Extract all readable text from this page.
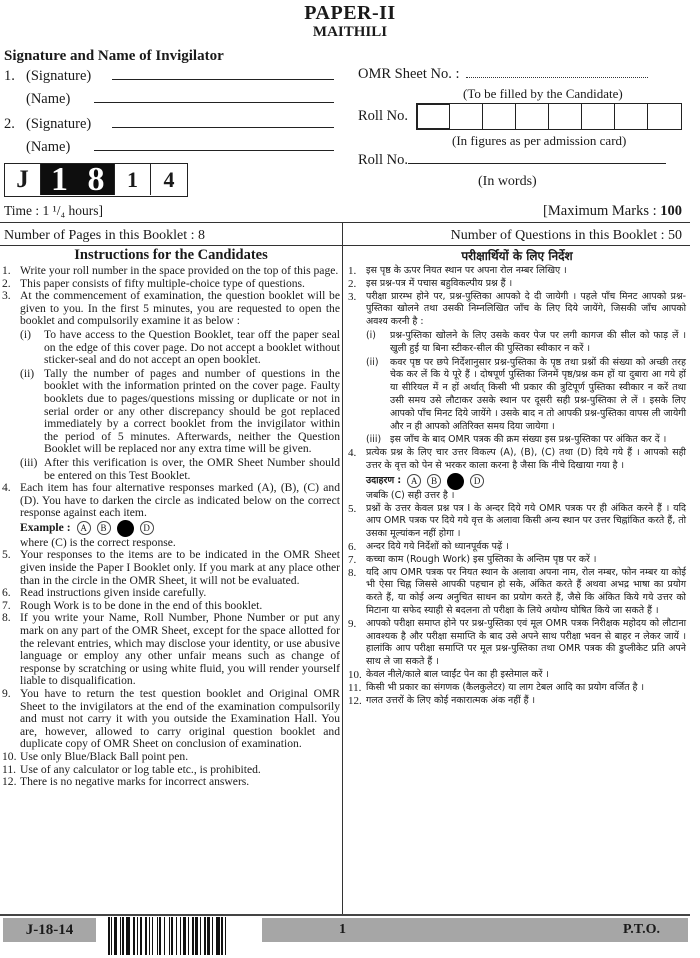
PAPER-II
MAITHILI
Signature and Name of Invigilator
1. (Signature)
(Name)
2. (Signature)
(Name)
J 1 8	1	4
OMR Sheet No. :
(To be filled by the Candidate)
Roll No.
(In figures as per admission card)
Roll No.
(In words)
Time : 1 ¹/₄ hours]	[Maximum Marks : 100
Number of Pages in this Booklet : 8	Number of Questions in this Booklet : 50
Instructions for the Candidates
1. Write your roll number in the space provided on the top of this page.
2. This paper consists of fifty multiple-choice type of questions.
3. At the commencement of examination, the question booklet will be given to you. In the first 5 minutes, you are requested to open the booklet and compulsorily examine it as below :
(i)	To have access to the Question Booklet, tear off the paper seal on the edge of this cover page. Do not accept a booklet without sticker-seal and do not accept an open booklet.
(ii) Tally the number of pages and number of questions in the booklet with the information printed on the cover page. Faulty booklets due to pages/questions missing or duplicate or not in serial order or any other discrepancy should be got replaced immediately by a correct booklet from the invigilator within the period of 5 minutes. Afterwards, neither the Question Booklet will be replaced nor any extra time will be given.
(iii) After this verification is over, the OMR Sheet Number should be entered on this Test Booklet.
4. Each item has four alternative responses marked (A), (B), (C) and (D). You have to darken the circle as indicated below on the correct response against each item.
Example :	A	B	D
where (C) is the correct response.
5. Your responses to the items are to be indicated in the OMR Sheet given inside the Paper I Booklet only. If you mark at any place other than in the circle in the OMR Sheet, it will not be evaluated.
6. Read instructions given inside carefully.
7. Rough Work is to be done in the end of this booklet.
8. If you write your Name, Roll Number, Phone Number or put any mark on any part of the OMR Sheet, except for the space allotted for the relevant entries, which may disclose your identity, or use abusive language or employ any other unfair means such as change of response by scratching or using white fluid, you will render yourself liable to disqualification.
9. You have to return the test question booklet and Original OMR Sheet to the invigilators at the end of the examination compulsorily and must not carry it with you outside the Examination Hall. You are, however, allowed to carry original question booklet and duplicate copy of OMR Sheet on conclusion of examination.
10. Use only Blue/Black Ball point pen.
11. Use of any calculator or log table etc., is prohibited.
12. There is no negative marks for incorrect answers.
परीक्षार्थियों के लिए निर्देश
1.	इस पृष्ठ के ऊपर नियत स्थान पर अपना रोल नम्बर लिखिए ।
2.	इस प्रश्न-पत्र में पचास बहुविकल्पीय प्रश्न हैं ।
3.	परीक्षा प्रारम्भ होने पर, प्रश्न-पुस्तिका आपको दे दी जायेगी । पहले पाँच मिनट आपको प्रश्न-पुस्तिका खोलने तथा उसकी निम्नलिखित जाँच के लिए दिये जायेंगे, जिसकी जाँच आपको अवश्य करनी है :
(i)	प्रश्न-पुस्तिका खोलने के लिए उसके कवर पेज पर लगी कागज की सील को फाड़ लें । खुली हुई या बिना स्टीकर-सील की पुस्तिका स्वीकार न करें ।
(ii)	कवर पृष्ठ पर छपे निर्देशानुसार प्रश्न-पुस्तिका के पृष्ठ तथा प्रश्नों की संख्या को अच्छी तरह चेक कर लें कि ये पूरे हैं । दोषपूर्ण पुस्तिका जिनमें पृष्ठ/प्रश्न कम हों या दुबारा आ गये हों या सीरियल में न हों अर्थात् किसी भी प्रकार की त्रुटिपूर्ण पुस्तिका स्वीकार न करें तथा उसी समय उसे लौटाकर उसके स्थान पर दूसरी सही प्रश्न-पुस्तिका ले लें । इसके लिए आपको पाँच मिनट दिये जायेंगे । उसके बाद न तो आपकी प्रश्न-पुस्तिका वापस ली जायेगी और न ही आपको अतिरिक्त समय दिया जायेगा ।
(iii) इस जाँच के बाद OMR पत्रक की क्रम संख्या इस प्रश्न-पुस्तिका पर अंकित कर दें ।
4.	प्रत्येक प्रश्न के लिए चार उत्तर विकल्प (A), (B), (C) तथा (D) दिये गये हैं । आपको सही उत्तर के वृत्त को पेन से भरकर काला करना है जैसा कि नीचे दिखाया गया है ।
उदाहरण :	A	B	D
जबकि (C) सही उत्तर है ।
5.	प्रश्नों के उत्तर केवल प्रश्न पत्र I के अन्दर दिये गये OMR पत्रक पर ही अंकित करने हैं । यदि आप OMR पत्रक पर दिये गये वृत्त के अलावा किसी अन्य स्थान पर उत्तर चिह्नांकित करते हैं, तो उसका मूल्यांकन नहीं होगा ।
6.	अन्दर दिये गये निर्देशों को ध्यानपूर्वक पढ़ें ।
7.	कच्चा काम (Rough Work) इस पुस्तिका के अन्तिम पृष्ठ पर करें ।
8.	यदि आप OMR पत्रक पर नियत स्थान के अलावा अपना नाम, रोल नम्बर, फोन नम्बर या कोई भी ऐसा चिह्न जिससे आपकी पहचान हो सके, अंकित करते हैं अथवा अभद्र भाषा का प्रयोग करते हैं, या कोई अन्य अनुचित साधन का प्रयोग करते हैं, जैसे कि अंकित किये गये उत्तर को मिटाना या सफेद स्याही से बदलना तो परीक्षा के लिये अयोग्य घोषित किये जा सकते हैं ।
9.	आपको परीक्षा समाप्त होने पर प्रश्न-पुस्तिका एवं मूल OMR पत्रक निरीक्षक महोदय को लौटाना आवश्यक है और परीक्षा समाप्ति के बाद उसे अपने साथ परीक्षा भवन से बाहर न लेकर जायें । हालांकि आप परीक्षा समाप्ति पर मूल प्रश्न-पुस्तिका तथा OMR पत्रक की डुप्लीकेट प्रति अपने साथ ले जा सकते हैं ।
10. केवल नीले/काले बाल प्वाईंट पेन का ही इस्तेमाल करें ।
11. किसी भी प्रकार का संगणक (कैलकुलेटर) या लाग टेबल आदि का प्रयोग वर्जित है ।
12. गलत उत्तरों के लिए कोई नकारात्मक अंक नहीं हैं ।
J-18-14	1	P.T.O.
